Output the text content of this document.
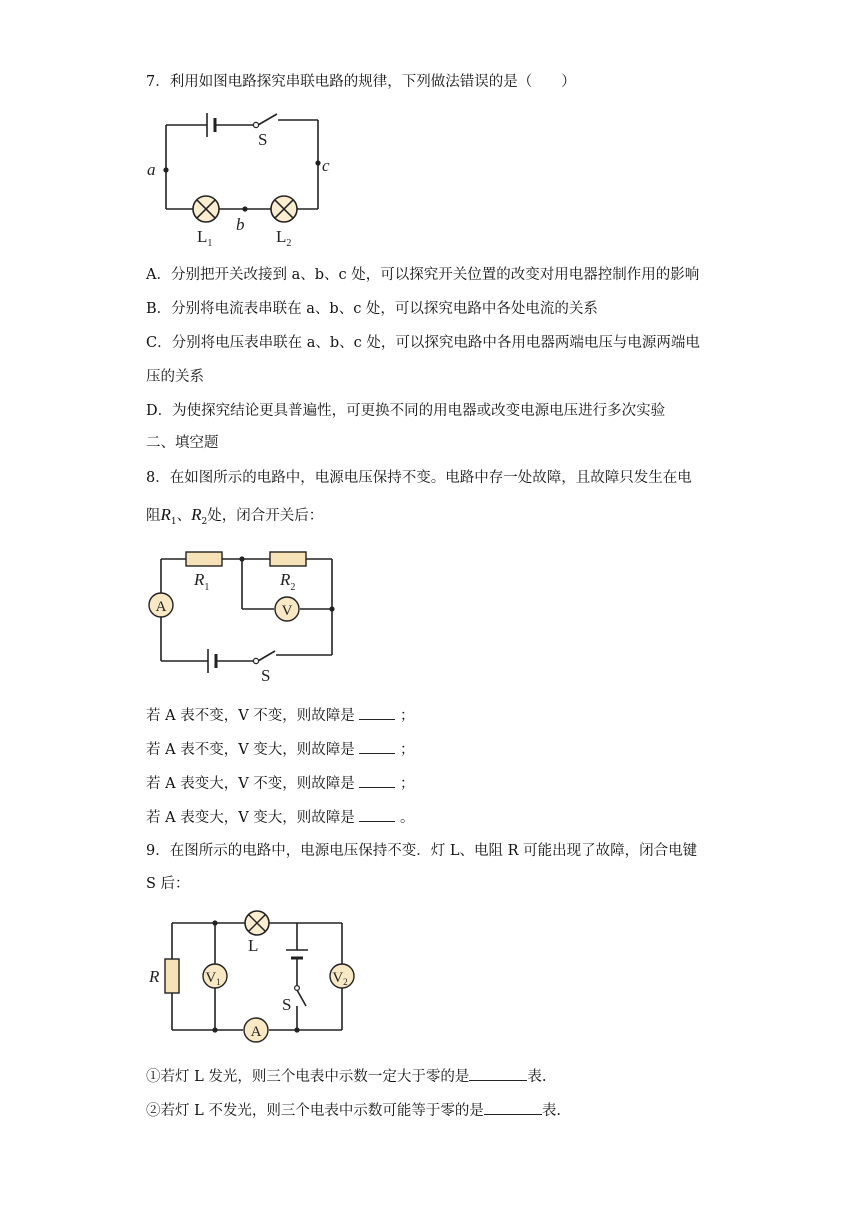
7．利用如图电路探究串联电路的规律，下列做法错误的是（　　）
S
a	c
b
$L_1$	$L_2$
A．分别把开关改接到 a、b、c 处，可以探究开关位置的改变对用电器控制作用的影响
B．分别将电流表串联在 a、b、c 处，可以探究电路中各处电流的关系
C．分别将电压表串联在 a、b、c 处，可以探究电路中各用电器两端电压与电源两端电
压的关系
D．为使探究结论更具普遍性，可更换不同的用电器或改变电源电压进行多次实验
二、填空题
8．在如图所示的电路中，电源电压保持不变。电路中存一处故障，且故障只发生在电
阻$R_1$、$R_2$处，闭合开关后：
$R_1$	$R_2$
A	V
S
若 A 表不变，V 不变，则故障是	；
若 A 表不变，V 变大，则故障是	；
若 A 表变大，V 不变，则故障是	；
若 A 表变大，V 变大，则故障是	。
9．在图所示的电路中，电源电压保持不变．灯 L、电阻 R 可能出现了故障，闭合电键
S 后：
L
R	$V_1$	$V_2$
A
S
①若灯 L 发光，则三个电表中示数一定大于零的是	表.
②若灯 L 不发光，则三个电表中示数可能等于零的是	表.
